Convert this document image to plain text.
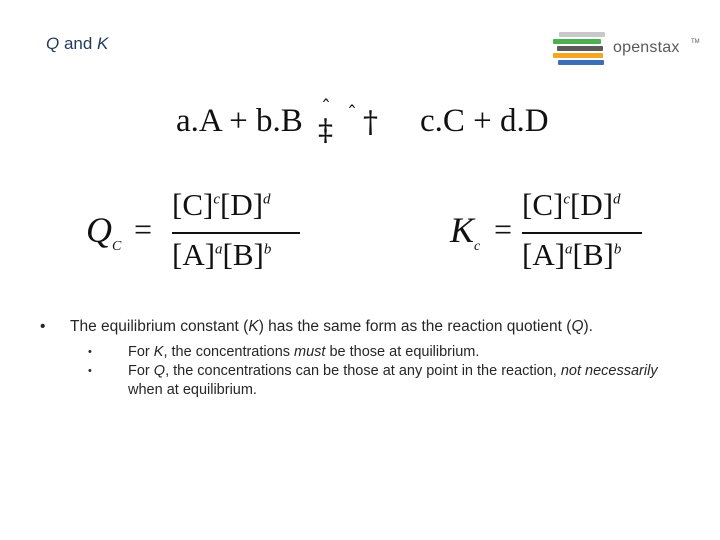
Q and K	openstax TM
a.A + b.B ˆ
‡ ˆ † c.C + d.D
$Q_C$ =
$[C]^c[D]^d$
$[A]^a[B]^b$	$K_c$ =
$[C]^c[D]^d$
$[A]^a[B]^b$
• The equilibrium constant (K) has the same form as the reaction quotient (Q).
• For K, the concentrations must be those at equilibrium.
• For Q, the concentrations can be those at any point in the reaction, not necessarily when at equilibrium.
